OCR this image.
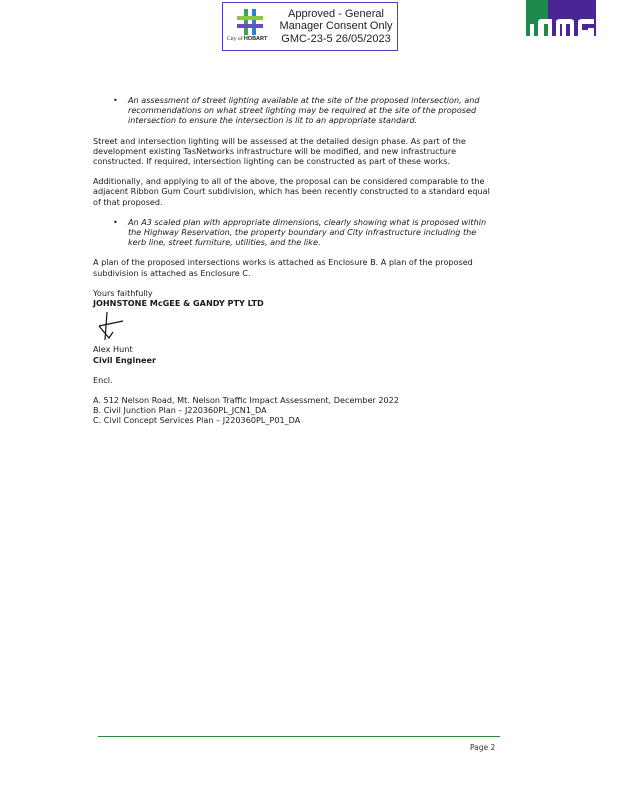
City of HOBART
Approved - General
Manager Consent Only
GMC-23-5 26/05/2023
• An assessment of street lighting available at the site of the proposed intersection, and recommendations on what street lighting may be required at the site of the proposed intersection to ensure the intersection is lit to an appropriate standard.

Street and intersection lighting will be assessed at the detailed design phase. As part of the development existing TasNetworks infrastructure will be modified, and new infrastructure constructed. If required, intersection lighting can be constructed as part of these works.

Additionally, and applying to all of the above, the proposal can be considered comparable to the adjacent Ribbon Gum Court subdivision, which has been recently constructed to a standard equal of that proposed.

• An A3 scaled plan with appropriate dimensions, clearly showing what is proposed within the Highway Reservation, the property boundary and City infrastructure including the kerb line, street furniture, utilities, and the like.

A plan of the proposed intersections works is attached as Enclosure B. A plan of the proposed subdivision is attached as Enclosure C.

Yours faithfully

JOHNSTONE McGEE & GANDY PTY LTD

Alex Hunt

Civil Engineer

Encl.

A. 512 Nelson Road, Mt. Nelson Traffic Impact Assessment, December 2022

B. Civil Junction Plan – J220360PL_JCN1_DA

C. Civil Concept Services Plan – J220360PL_P01_DA

Page 2
